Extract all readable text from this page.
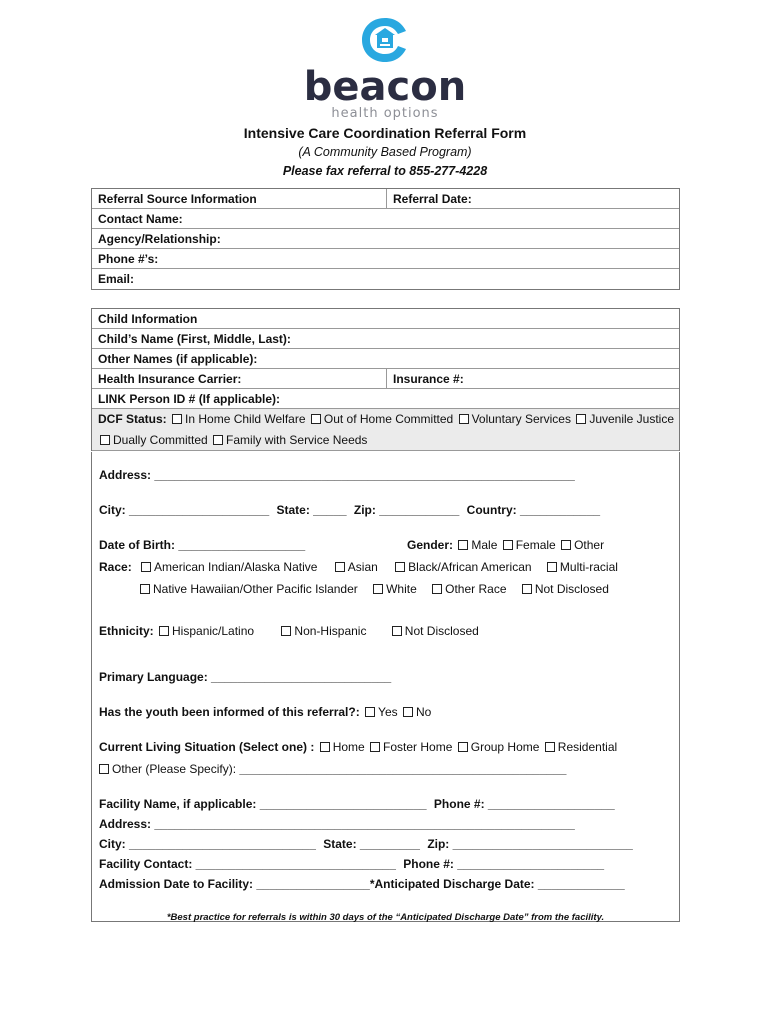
beacon
health options
Intensive Care Coordination Referral Form
(A Community Based Program)
Please fax referral to 855-277-4228
Referral Source Information	Referral Date:
Contact Name:
Agency/Relationship:
Phone #’s:
Email:
Child Information
Child’s Name (First, Middle, Last):
Other Names (if applicable):
Health Insurance Carrier:	Insurance #:
LINK Person ID # (If applicable):
DCF Status: In Home Child Welfare Out of Home Committed Voluntary Services Juvenile Justice Dually Committed Family with Service Needs
Address: _______________________________________________________________
City: _____________________ State: _____ Zip: ____________ Country: ____________
Date of Birth: ___________________	Gender: Male Female Other
Race: American Indian/Alaska Native	Asian	Black/African American Multi-racial
Native Hawaiian/Other Pacific Islander White Other Race Not Disclosed
Ethnicity: Hispanic/Latino	Non-Hispanic	Not Disclosed
Primary Language: ___________________________
Has the youth been informed of this referral?: Yes No
Current Living Situation (Select one) : Home Foster Home Group Home Residential
Other (Please Specify): _________________________________________________
Facility Name, if applicable: _________________________ Phone #: ___________________
Address: _______________________________________________________________
City: ____________________________ State: _________ Zip: ___________________________
Facility Contact: ______________________________ Phone #: ______________________
Admission Date to Facility: _________________*Anticipated Discharge Date: _____________
*Best practice for referrals is within 30 days of the “Anticipated Discharge Date” from the facility.
